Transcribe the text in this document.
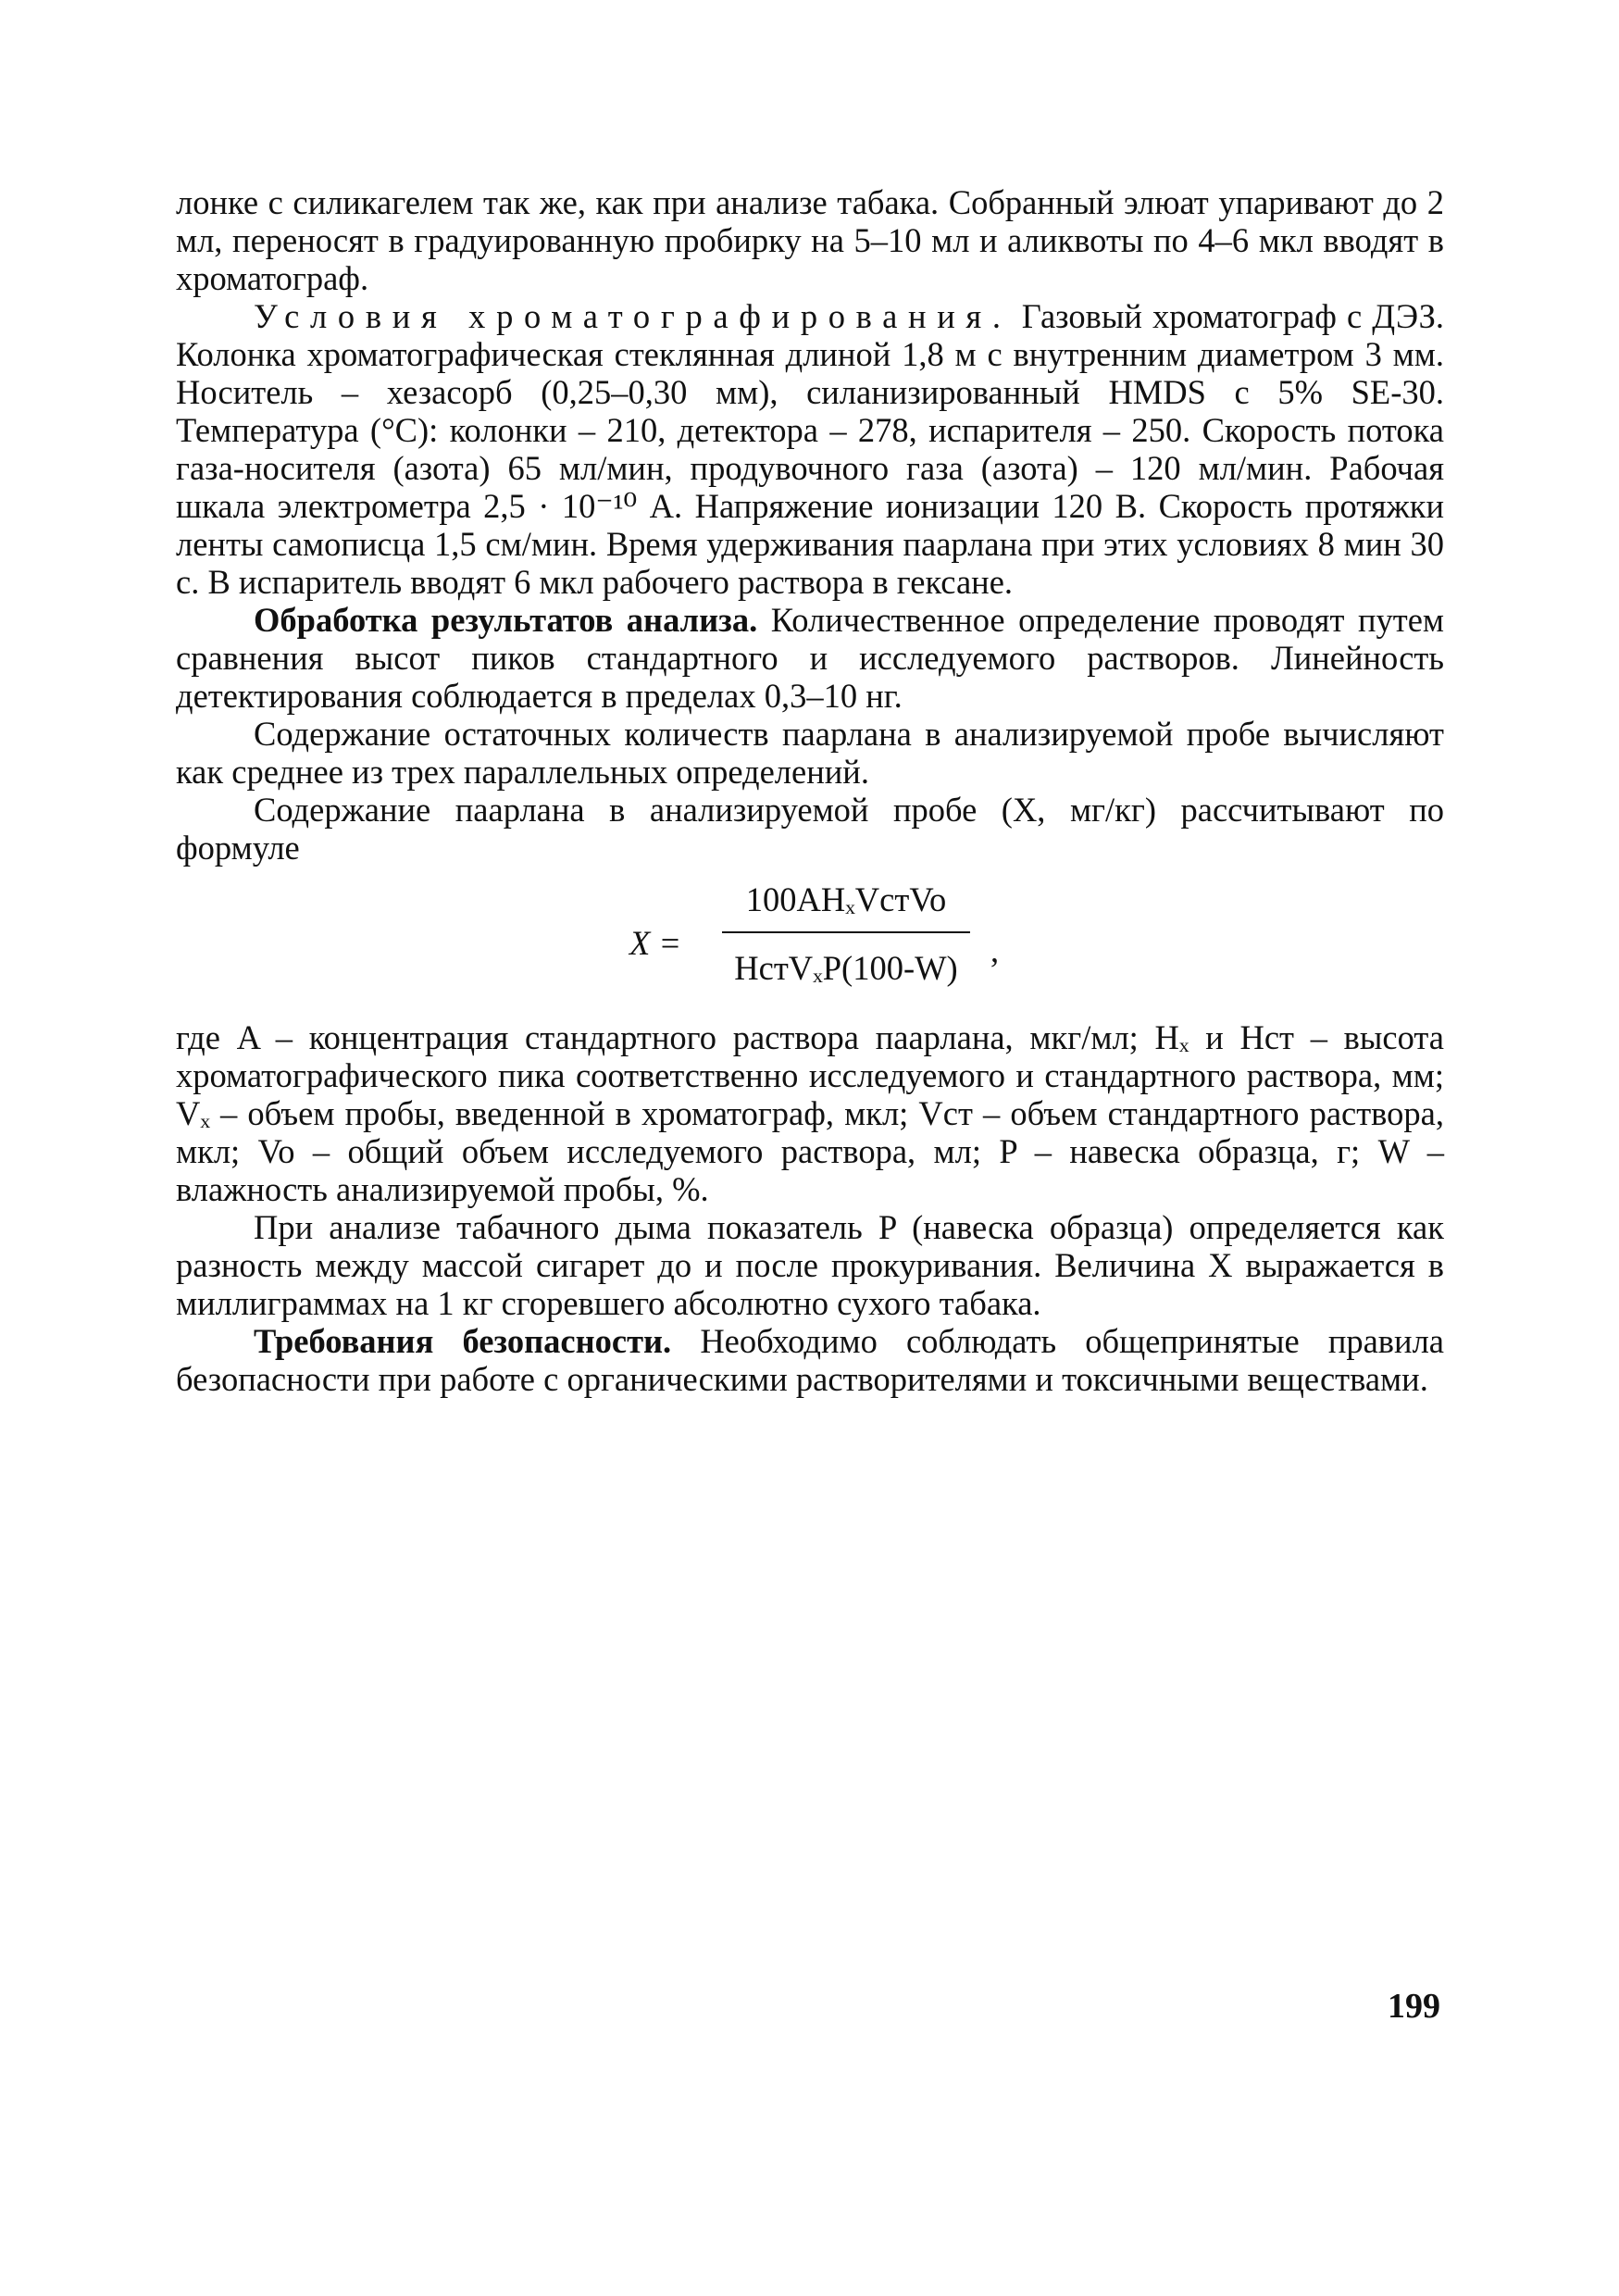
лонке с силикагелем так же, как при анализе табака. Собранный элюат упаривают до 2 мл, переносят в градуированную пробирку на 5–10 мл и аликвоты по 4–6 мкл вводят в хроматограф.

Условия хроматографирования. Газовый хроматограф с ДЭЗ. Колонка хроматографическая стеклянная длиной 1,8 м с внутренним диаметром 3 мм. Носитель – хезасорб (0,25–0,30 мм), силанизированный HMDS с 5% SE-30. Температура (°C): колонки – 210, детектора – 278, испарителя – 250. Скорость потока газа-носителя (азота) 65 мл/мин, продувочного газа (азота) – 120 мл/мин. Рабочая шкала электрометра 2,5 · 10⁻¹⁰ А. Напряжение ионизации 120 В. Скорость протяжки ленты самописца 1,5 см/мин. Время удерживания паарлана при этих условиях 8 мин 30 с. В испаритель вводят 6 мкл рабочего раствора в гексане.

Обработка результатов анализа. Количественное определение проводят путем сравнения высот пиков стандартного и исследуемого растворов. Линейность детектирования соблюдается в пределах 0,3–10 нг.

Содержание остаточных количеств паарлана в анализируемой пробе вычисляют как среднее из трех параллельных определений.

Содержание паарлана в анализируемой пробе (X, мг/кг) рассчитывают по формуле

X =
100AHₓVстVo
HстVₓP(100-W) ,

где A – концентрация стандартного раствора паарлана, мкг/мл; Hₓ и Hст – высота хроматографического пика соответственно исследуемого и стандартного раствора, мм; Vₓ – объем пробы, введенной в хроматограф, мкл; Vст – объем стандартного раствора, мкл; Vo – общий объем исследуемого раствора, мл; P – навеска образца, г; W – влажность анализируемой пробы, %.

При анализе табачного дыма показатель P (навеска образца) определяется как разность между массой сигарет до и после прокуривания. Величина X выражается в миллиграммах на 1 кг сгоревшего абсолютно сухого табака.

Требования безопасности. Необходимо соблюдать общепринятые правила безопасности при работе с органическими растворителями и токсичными веществами.

199
